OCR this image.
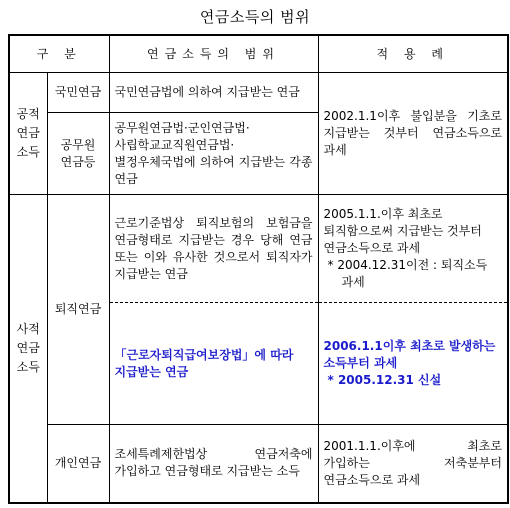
연금소득의 범위
구 분		연금소득의 범위	적 용 례
공적 연금 소득	국민연금	국민연금법에 의하여 지급받는 연금	2002.1.1이후 불입분을 기초로 지급받는 것부터 연금소득으로 과세
	공무원 연금등	공무원연금법·군인연금법·사립학교교직원연금법·별정우체국법에 의하여 지급받는 각종 연금	
사적 연금 소득	퇴직연금	근로기준법상 퇴직보험의 보험금을 연금형태로 지급받는 경우 당해 연금 또는 이와 유사한 것으로서 퇴직자가 지급받는 연금	2005.1.1.이후 최초로 퇴직함으로써 지급받는 것부터 연금소득으로 과세
* 2004.12.31이전 : 퇴직소득
과세

		「근로자퇴직급여보장법」에 따라 지급받는 연금	2006.1.1이후 최초로 발생하는 소득부터 과세
* 2005.12.31 신설

	개인연금	조세특례제한법상 연금저축에 가입하고 연금형태로 지급받는 소득	2001.1.1.이후에 최초로 가입하는 저축분부터 연금소득으로 과세
